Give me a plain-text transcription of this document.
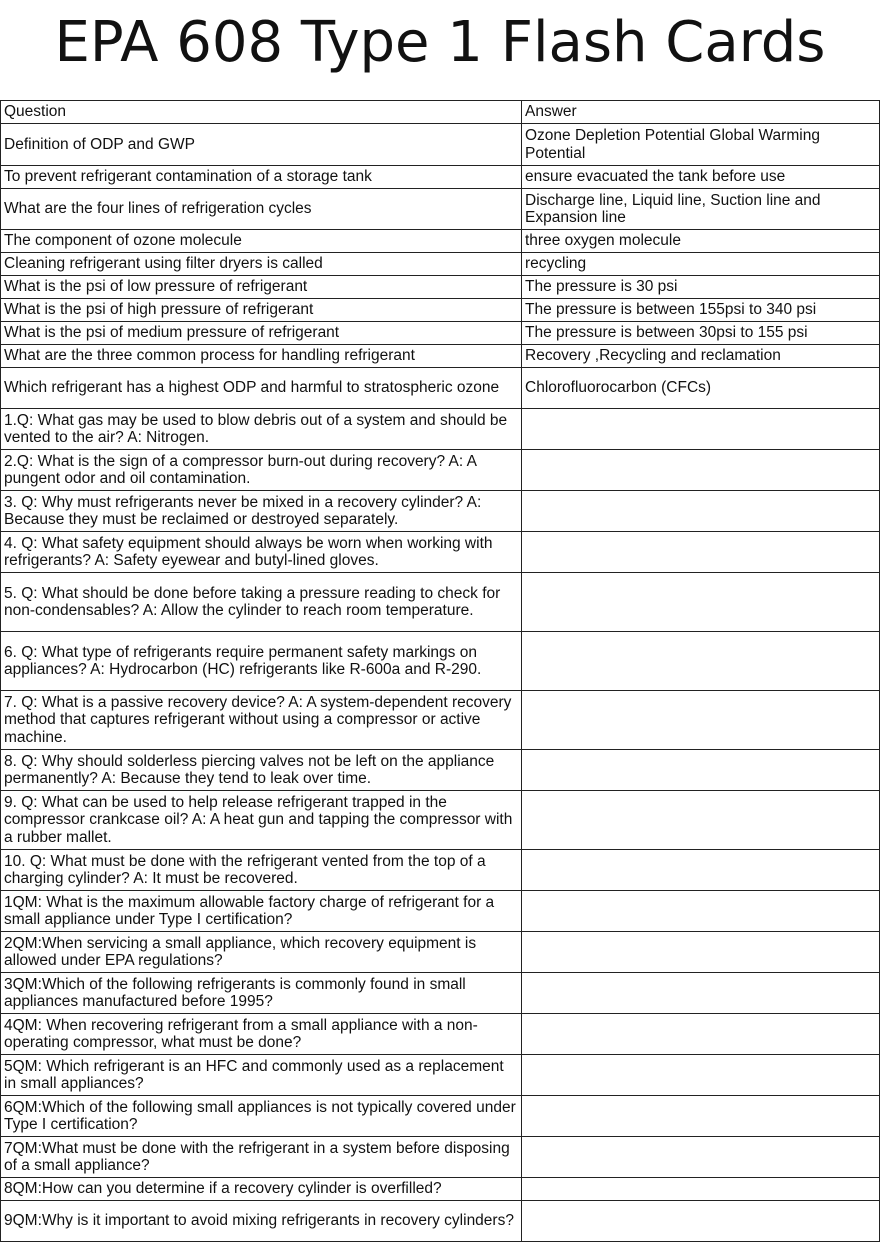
EPA 608 Type 1 Flash Cards
Question	Answer
Definition of ODP and GWP	Ozone Depletion Potential Global Warming Potential
To prevent refrigerant contamination of a storage tank	ensure evacuated the tank before use
What are the four lines of refrigeration cycles	Discharge line, Liquid line, Suction line and Expansion line
The component of ozone molecule	three oxygen molecule
Cleaning refrigerant using filter dryers is called	recycling
What is the psi of low pressure of refrigerant	The pressure is 30 psi
What is the psi of high pressure of refrigerant	The pressure is between 155psi to 340 psi
What is the psi of medium pressure of refrigerant	The pressure is between 30psi to 155 psi
What are the three common process for handling refrigerant	Recovery ,Recycling and reclamation
Which refrigerant has a highest ODP and harmful to stratospheric ozone	Chlorofluorocarbon (CFCs)
1.Q: What gas may be used to blow debris out of a system and should be vented to the air? A: Nitrogen.	
2.Q: What is the sign of a compressor burn-out during recovery? A: A pungent odor and oil contamination.	
3. Q: Why must refrigerants never be mixed in a recovery cylinder? A: Because they must be reclaimed or destroyed separately.	
4. Q: What safety equipment should always be worn when working with refrigerants? A: Safety eyewear and butyl-lined gloves.	
5. Q: What should be done before taking a pressure reading to check for non-condensables? A: Allow the cylinder to reach room temperature.	
6. Q: What type of refrigerants require permanent safety markings on appliances? A: Hydrocarbon (HC) refrigerants like R-600a and R-290.	
7. Q: What is a passive recovery device? A: A system-dependent recovery method that captures refrigerant without using a compressor or active machine.	
8. Q: Why should solderless piercing valves not be left on the appliance permanently? A: Because they tend to leak over time.	
9. Q: What can be used to help release refrigerant trapped in the compressor crankcase oil? A: A heat gun and tapping the compressor with a rubber mallet.	
10. Q: What must be done with the refrigerant vented from the top of a charging cylinder? A: It must be recovered.	
1QM: What is the maximum allowable factory charge of refrigerant for a small appliance under Type I certification?	
2QM:When servicing a small appliance, which recovery equipment is allowed under EPA regulations?	
3QM:Which of the following refrigerants is commonly found in small appliances manufactured before 1995?	
4QM: When recovering refrigerant from a small appliance with a non-operating compressor, what must be done?	
5QM: Which refrigerant is an HFC and commonly used as a replacement in small appliances?	
6QM:Which of the following small appliances is not typically covered under Type I certification?	
7QM:What must be done with the refrigerant in a system before disposing of a small appliance?	
8QM:How can you determine if a recovery cylinder is overfilled?	
9QM:Why is it important to avoid mixing refrigerants in recovery cylinders?	
